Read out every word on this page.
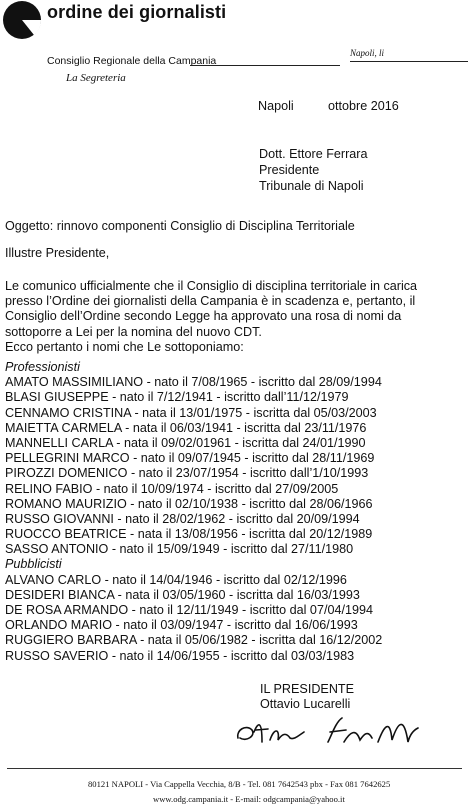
ordine dei giornalisti
Consiglio Regionale della Campania
Napoli, li
La Segreteria
Napoli	ottobre 2016
Dott. Ettore Ferrara
Presidente
Tribunale di Napoli
Oggetto: rinnovo componenti Consiglio di Disciplina Territoriale
Illustre Presidente,
Le comunico ufficialmente che il Consiglio di disciplina territoriale in carica
presso l’Ordine dei giornalisti della Campania è in scadenza e, pertanto, il
Consiglio dell’Ordine secondo Legge ha approvato una rosa di nomi da
sottoporre a Lei per la nomina del nuovo CDT.
Ecco pertanto i nomi che Le sottoponiamo:
Professionisti
AMATO MASSIMILIANO - nato il 7/08/1965 - iscritto dal 28/09/1994
BLASI GIUSEPPE - nato il 7/12/1941 - iscritto dall’11/12/1979
CENNAMO CRISTINA - nata il 13/01/1975 - iscritta dal 05/03/2003
MAIETTA CARMELA - nata il 06/03/1941 - iscritta dal 23/11/1976
MANNELLI CARLA - nata il 09/02/01961 - iscritta dal 24/01/1990
PELLEGRINI MARCO - nato il 09/07/1945 - iscritto dal 28/11/1969
PIROZZI DOMENICO - nato il 23/07/1954 - iscritto dall’1/10/1993
RELINO FABIO - nato il 10/09/1974 - iscritto dal 27/09/2005
ROMANO MAURIZIO - nato il 02/10/1938 - iscritto dal 28/06/1966
RUSSO GIOVANNI - nato il 28/02/1962 - iscritto dal 20/09/1994
RUOCCO BEATRICE - nata il 13/08/1956 - iscritta dal 20/12/1989
SASSO ANTONIO - nato il 15/09/1949 - iscritto dal 27/11/1980
Pubblicisti
ALVANO CARLO - nato il 14/04/1946 - iscritto dal 02/12/1996
DESIDERI BIANCA - nata il 03/05/1960 - iscritta dal 16/03/1993
DE ROSA ARMANDO - nato il 12/11/1949 - iscritto dal 07/04/1994
ORLANDO MARIO - nato il 03/09/1947 - iscritto dal 16/06/1993
RUGGIERO BARBARA - nata il 05/06/1982 - iscritta dal 16/12/2002
RUSSO SAVERIO - nato il 14/06/1955 - iscritto dal 03/03/1983
IL PRESIDENTE
Ottavio Lucarelli
80121 NAPOLI - Via Cappella Vecchia, 8/B - Tel. 081 7642543 pbx - Fax 081 7642625
www.odg.campania.it - E-mail: odgcampania@yahoo.it
